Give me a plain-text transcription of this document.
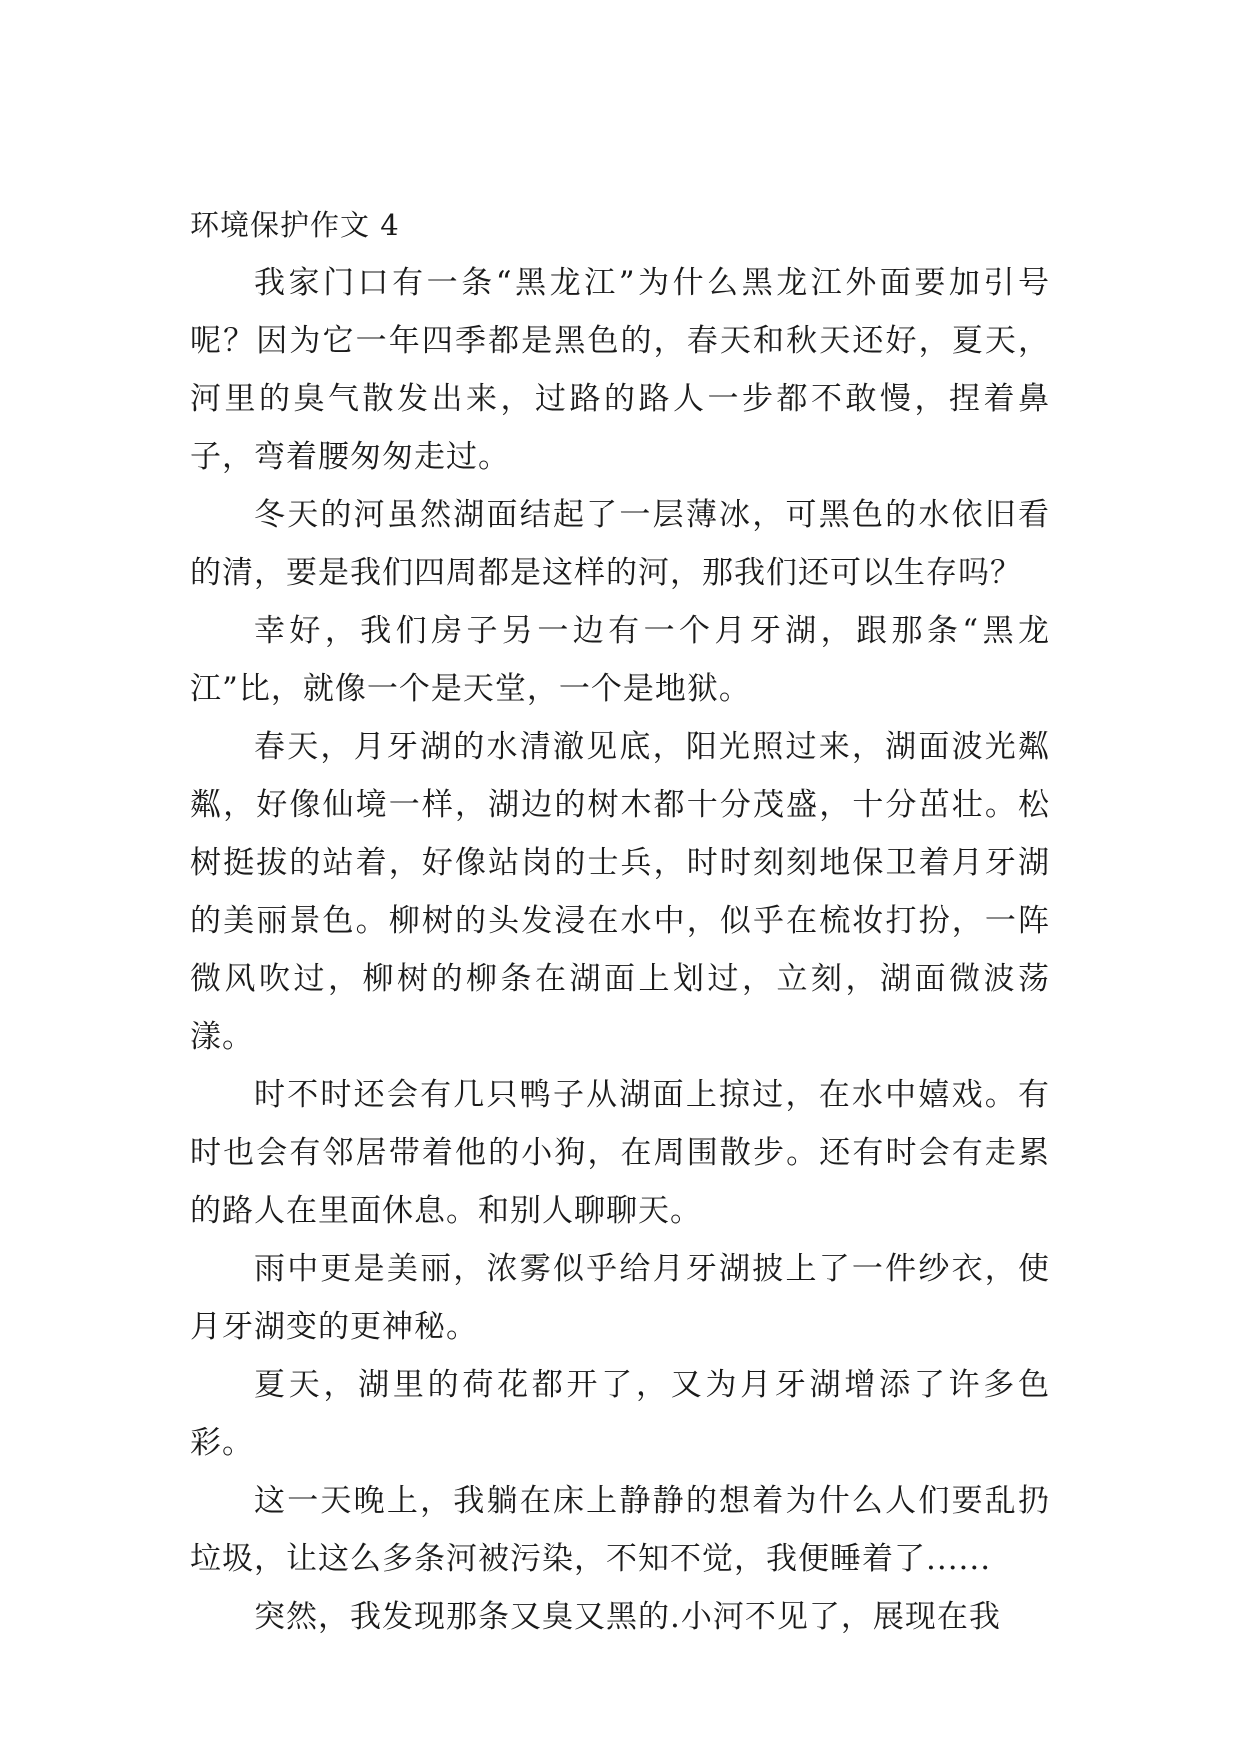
环境保护作文 4

我家门口有一条“黑龙江”为什么黑龙江外面要加引号呢？因为它一年四季都是黑色的，春天和秋天还好，夏天，河里的臭气散发出来，过路的路人一步都不敢慢，捏着鼻子，弯着腰匆匆走过。

冬天的河虽然湖面结起了一层薄冰，可黑色的水依旧看的清，要是我们四周都是这样的河，那我们还可以生存吗？

幸好，我们房子另一边有一个月牙湖，跟那条“黑龙江”比，就像一个是天堂，一个是地狱。

春天，月牙湖的水清澈见底，阳光照过来，湖面波光粼粼，好像仙境一样，湖边的树木都十分茂盛，十分茁壮。松树挺拔的站着，好像站岗的士兵，时时刻刻地保卫着月牙湖的美丽景色。柳树的头发浸在水中，似乎在梳妆打扮，一阵微风吹过，柳树的柳条在湖面上划过，立刻，湖面微波荡漾。

时不时还会有几只鸭子从湖面上掠过，在水中嬉戏。有时也会有邻居带着他的小狗，在周围散步。还有时会有走累的路人在里面休息。和别人聊聊天。

雨中更是美丽，浓雾似乎给月牙湖披上了一件纱衣，使月牙湖变的更神秘。

夏天，湖里的荷花都开了，又为月牙湖增添了许多色彩。

这一天晚上，我躺在床上静静的想着为什么人们要乱扔垃圾，让这么多条河被污染，不知不觉，我便睡着了......

突然，我发现那条又臭又黑的.小河不见了，展现在我
